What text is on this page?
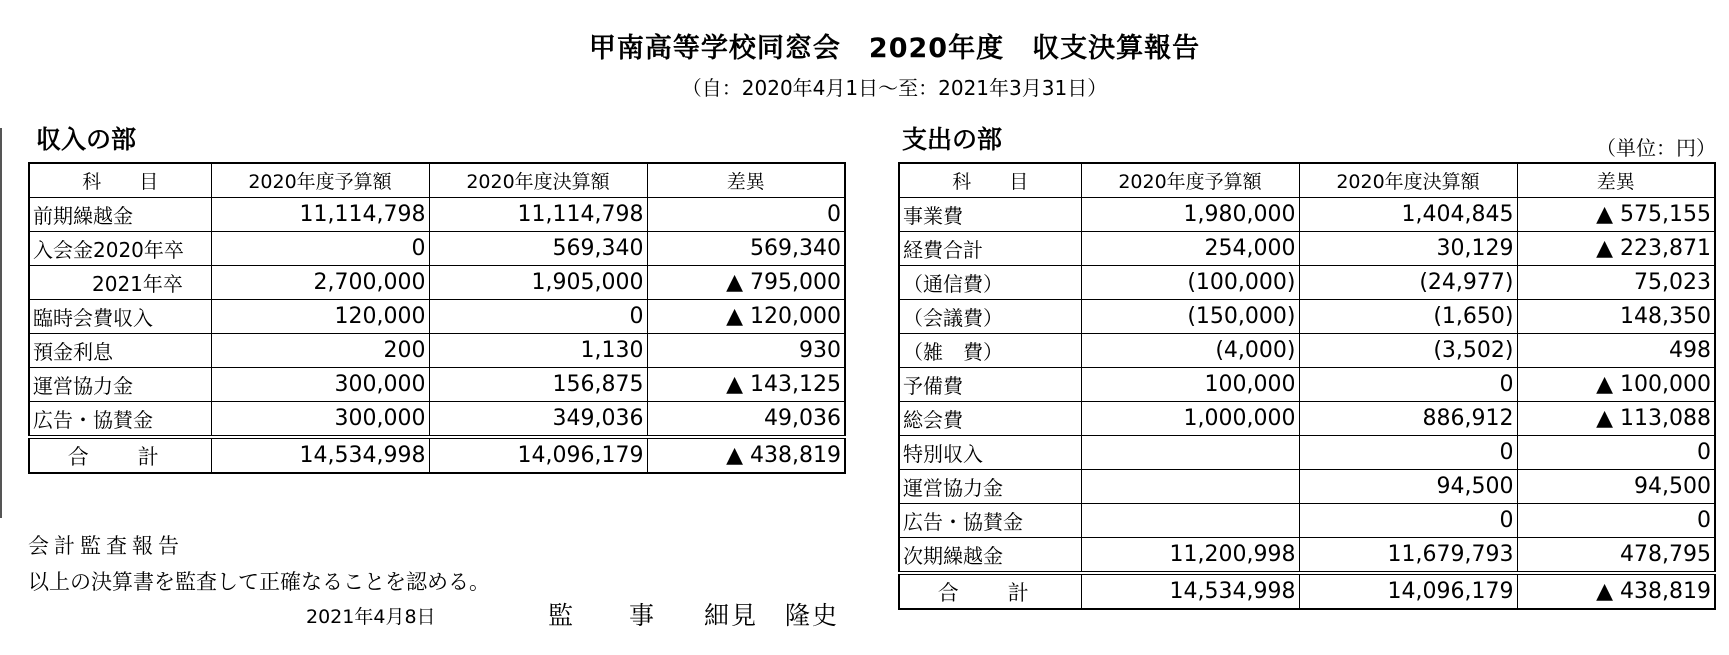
甲南高等学校同窓会　2020年度　収支決算報告
（自：2020年4月1日～至：2021年3月31日）
収入の部
科　　目	2020年度予算額	2020年度決算額	差異
前期繰越金	11,114,798	11,114,798	0
入会金2020年卒	0	569,340	569,340
2021年卒	2,700,000	1,905,000	▲ 795,000
臨時会費収入	120,000	0	▲ 120,000
預金利息	200	1,130	930
運営協力金	300,000	156,875	▲ 143,125
広告・協賛金	300,000	349,036	49,036
合　計	14,534,998	14,096,179	▲ 438,819
会計監査報告
以上の決算書を監査して正確なることを認める。
2021年4月8日	監　　事 細見　隆史
支出の部	（単位：円）
科　　目	2020年度予算額	2020年度決算額	差異
事業費	1,980,000	1,404,845	▲ 575,155
経費合計	254,000	30,129	▲ 223,871
（通信費）	(100,000)	(24,977)	75,023
（会議費）	(150,000)	(1,650)	148,350
（雑　費）	(4,000)	(3,502)	498
予備費	100,000	0	▲ 100,000
総会費	1,000,000	886,912	▲ 113,088
特別収入		0	0
運営協力金		94,500	94,500
広告・協賛金		0	0
次期繰越金	11,200,998	11,679,793	478,795
合　計	14,534,998	14,096,179	▲ 438,819
